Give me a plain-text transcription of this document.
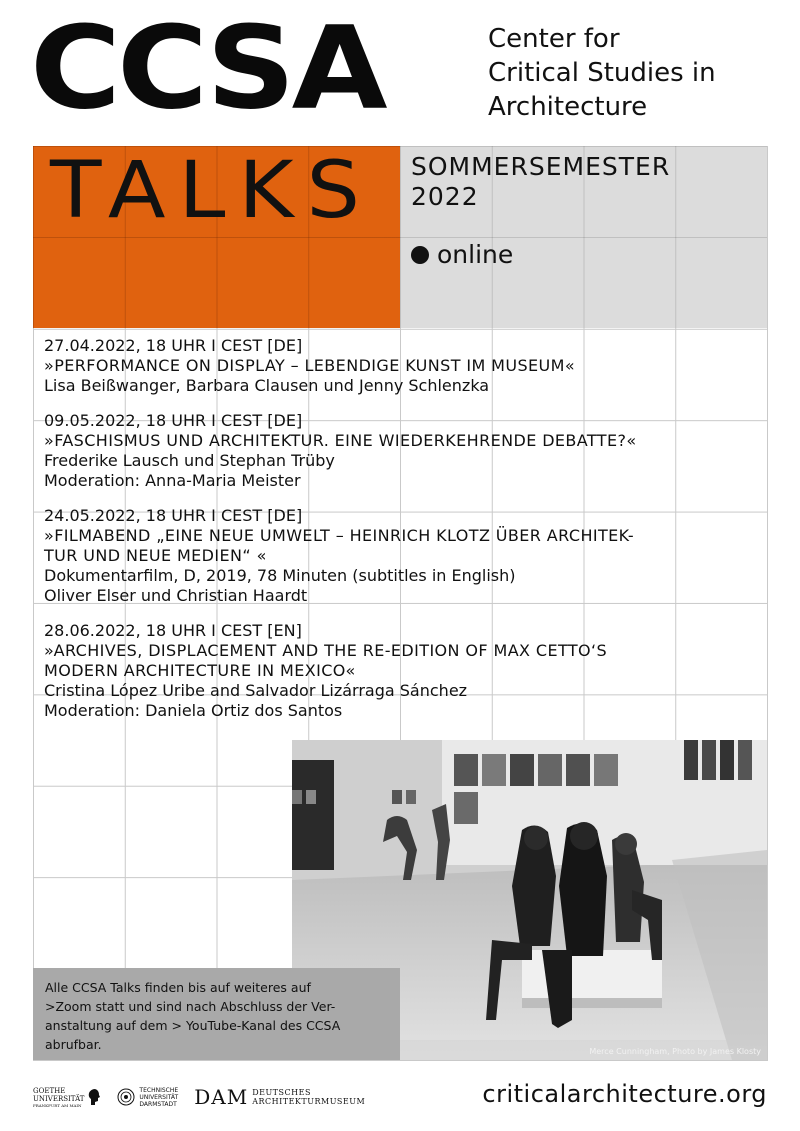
CCSA	Center for
Critical Studies in
Architecture
TALKS SOMMERSEMESTER
2022
online
27.04.2022, 18 UHR I CEST [DE]
»PERFORMANCE ON DISPLAY – LEBENDIGE KUNST IM MUSEUM«
Lisa Beißwanger, Barbara Clausen und Jenny Schlenzka
09.05.2022, 18 UHR I CEST [DE]
»FASCHISMUS UND ARCHITEKTUR. EINE WIEDERKEHRENDE DEBATTE?«
Frederike Lausch und Stephan Trüby
Moderation: Anna-Maria Meister
24.05.2022, 18 UHR I CEST [DE]
»FILMABEND „EINE NEUE UMWELT – HEINRICH KLOTZ ÜBER ARCHITEK-
TUR UND NEUE MEDIEN“ «
Dokumentarfilm, D, 2019, 78 Minuten (subtitles in English)
Oliver Elser und Christian Haardt
28.06.2022, 18 UHR I CEST [EN]
»ARCHIVES, DISPLACEMENT AND THE RE-EDITION OF MAX CETTO‘S
MODERN ARCHITECTURE IN MEXICO«
Cristina López Uribe and Salvador Lizárraga Sánchez
Moderation: Daniela Ortiz dos Santos
Merce Cunningham, Photo by James Klosty
Alle CCSA Talks finden bis auf weiteres auf
>Zoom statt und sind nach Abschluss der Ver-
anstaltung auf dem > YouTube-Kanal des CCSA
abrufbar.
GOETHE
UNIVERSITÄT
FRANKFURT AM MAIN
TECHNISCHE
UNIVERSITÄT
DARMSTADT DAM DEUTSCHES
ARCHITEKTURMUSEUM	criticalarchitecture.org
